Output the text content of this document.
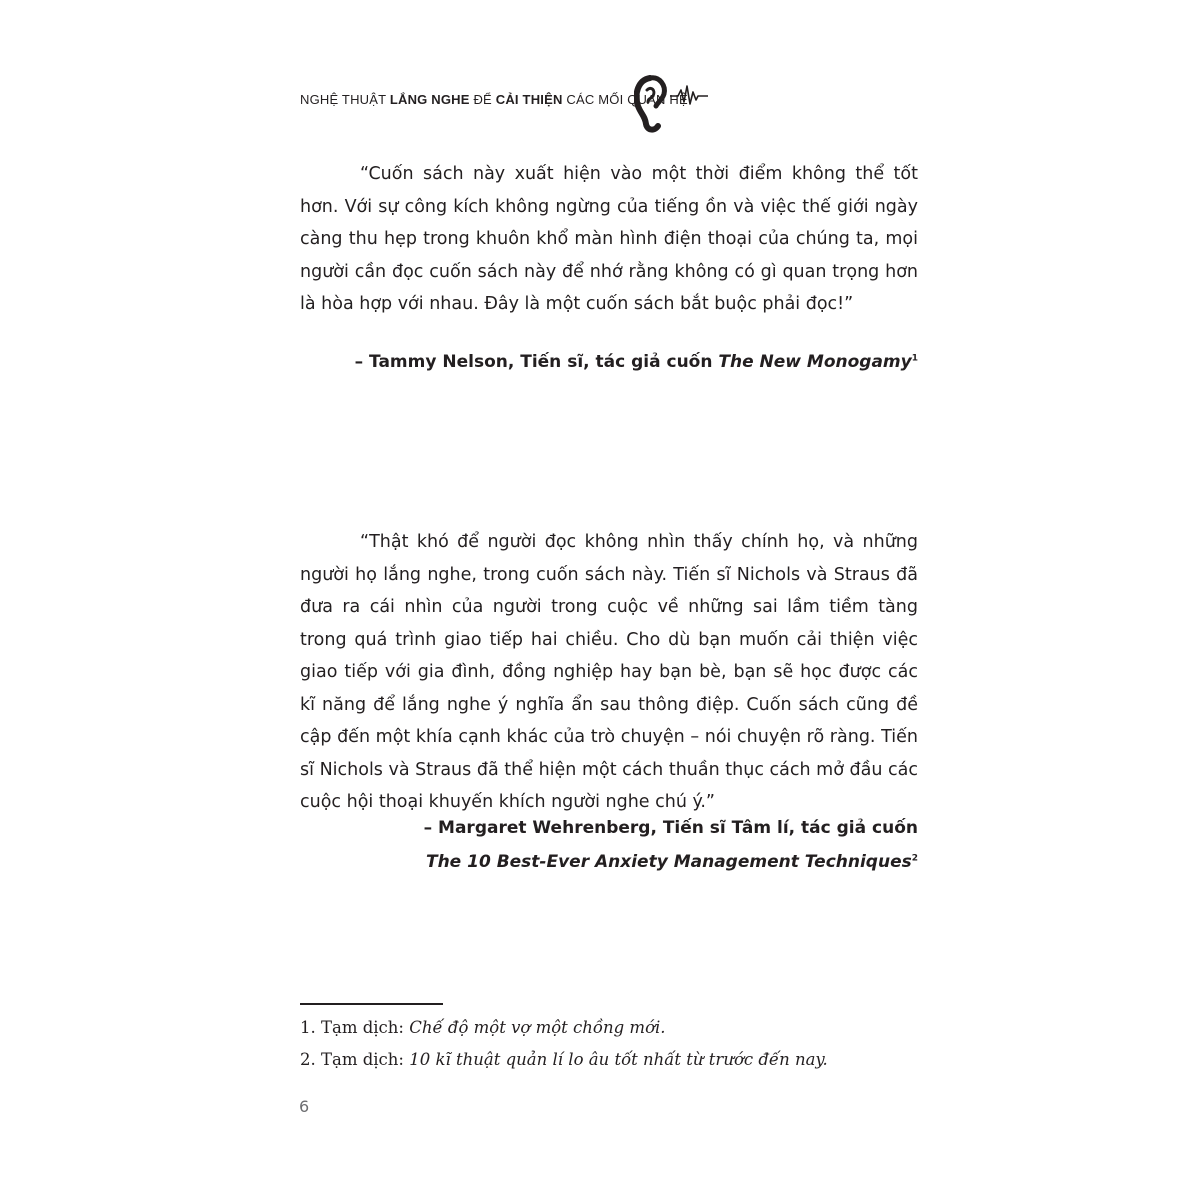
NGHỆ THUẬT LẮNG NGHE ĐỂ CẢI THIỆN CÁC MỐI QUAN HỆ

“Cuốn sách này xuất hiện vào một thời điểm không thể tốt hơn. Với sự công kích không ngừng của tiếng ồn và việc thế giới ngày càng thu hẹp trong khuôn khổ màn hình điện thoại của chúng ta, mọi người cần đọc cuốn sách này để nhớ rằng không có gì quan trọng hơn là hòa hợp với nhau. Đây là một cuốn sách bắt buộc phải đọc!”

– Tammy Nelson, Tiến sĩ, tác giả cuốn The New Monogamy$^1$

“Thật khó để người đọc không nhìn thấy chính họ, và những người họ lắng nghe, trong cuốn sách này. Tiến sĩ Nichols và Straus đã đưa ra cái nhìn của người trong cuộc về những sai lầm tiềm tàng trong quá trình giao tiếp hai chiều. Cho dù bạn muốn cải thiện việc giao tiếp với gia đình, đồng nghiệp hay bạn bè, bạn sẽ học được các kĩ năng để lắng nghe ý nghĩa ẩn sau thông điệp. Cuốn sách cũng đề cập đến một khía cạnh khác của trò chuyện – nói chuyện rõ ràng. Tiến sĩ Nichols và Straus đã thể hiện một cách thuần thục cách mở đầu các cuộc hội thoại khuyến khích người nghe chú ý.”

– Margaret Wehrenberg, Tiến sĩ Tâm lí, tác giả cuốn
The 10 Best-Ever Anxiety Management Techniques$^2$
1. Tạm dịch: Chế độ một vợ một chồng mới.
2. Tạm dịch: 10 kĩ thuật quản lí lo âu tốt nhất từ trước đến nay.
6
